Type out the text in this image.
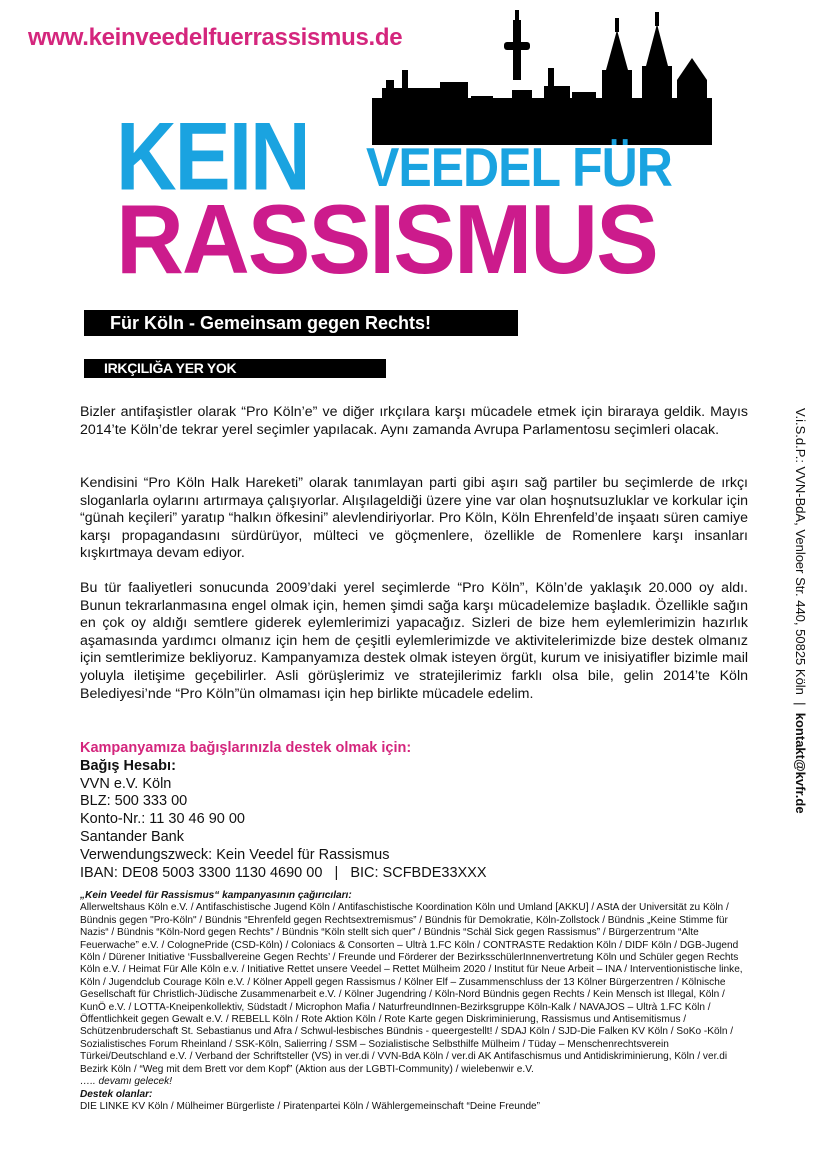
www.keinveedelfuerrassismus.de
KEIN VEEDEL FÜR
RASSISMUS
Für Köln - Gemeinsam gegen Rechts!
IRKÇILIĞA YER YOK

Bizler antifaşistler olarak “Pro Köln’e” ve diğer ırkçılara karşı mücadele etmek için biraraya geldik. Mayıs 2014’te Köln’de tekrar yerel seçimler yapılacak. Aynı zamanda Avrupa Parlamentosu seçimleri olacak.

Kendisini “Pro Köln Halk Hareketi” olarak tanımlayan parti gibi aşırı sağ partiler bu seçimlerde de ırkçı sloganlarla oylarını artırmaya çalışıyorlar. Alışılageldiği üzere yine var olan hoşnutsuzluklar ve korkular için “günah keçileri” yaratıp “halkın öfkesini” alevlendiriyorlar. Pro Köln, Köln Ehrenfeld’de inşaatı süren camiye karşı propagandasını sürdürüyor, mülteci ve göçmenlere, özellikle de Romenlere karşı insanları kışkırtmaya devam ediyor.

Bu tür faaliyetleri sonucunda 2009’daki yerel seçimlerde “Pro Köln”, Köln’de yaklaşık 20.000 oy aldı. Bunun tekrarlanmasına engel olmak için, hemen şimdi sağa karşı mücadelemize başladık. Özellikle sağın en çok oy aldığı semtlere giderek eylemlerimizi yapacağız. Sizleri de bize hem eylemlerimizin hazırlık aşamasında yardımcı olmanız için hem de çeşitli eylemlerimizde ve aktivitelerimizde bize destek olmanız için semtlerimize bekliyoruz. Kampanyamıza destek olmak isteyen örgüt, kurum ve inisiyatifler bizimle mail yoluyla iletişime geçebilirler. Asli görüşlerimiz ve stratejilerimiz farklı olsa bile, gelin 2014’te Köln Belediyesi’nde “Pro Köln”ün olmaması için hep birlikte mücadele edelim.

Kampanyamıza bağışlarınızla destek olmak için:
Bağış Hesabı:
VVN e.V. Köln
BLZ: 500 333 00
Konto-Nr.: 11 30 46 90 00
Santander Bank
Verwendungszweck: Kein Veedel für Rassismus
IBAN: DE08 5003 3300 1130 4690 00   |   BIC: SCFBDE33XXX
„Kein Veedel für Rassismus“ kampanyasının çağırıcıları:
Allerweltshaus Köln e.V. / Antifaschistische Jugend Köln / Antifaschistische Koordination Köln und Umland [AKKU] / AStA der Universität zu Köln / Bündnis gegen "Pro-Köln" / Bündnis “Ehrenfeld gegen Rechtsextremismus” / Bündnis für Demokratie, Köln-Zollstock / Bündnis „Keine Stimme für Nazis“ / Bündnis “Köln-Nord gegen Rechts” / Bündnis “Köln stellt sich quer” / Bündnis “Schäl Sick gegen Rassismus” / Bürgerzentrum “Alte Feuerwache” e.V. / ColognePride (CSD-Köln) / Coloniacs & Consorten – Ultrà 1.FC Köln / CONTRASTE Redaktion Köln / DIDF Köln / DGB-Jugend Köln / Dürener Initiative ‘Fussballvereine Gegen Rechts’ / Freunde und Förderer der BezirksschülerInnenvertretung Köln und Schüler gegen Rechts Köln e.V. / Heimat Für Alle Köln e.v. / Initiative Rettet unsere Veedel – Rettet Mülheim 2020 / Institut für Neue Arbeit – INA / Interventionistische linke, Köln / Jugendclub Courage Köln e.V. / Kölner Appell gegen Rassismus / Kölner Elf – Zusammenschluss der 13 Kölner Bürgerzentren / Kölnische Gesellschaft für Christlich-Jüdische Zusammenarbeit e.V. / Kölner Jugendring / Köln-Nord Bündnis gegen Rechts / Kein Mensch ist Illegal, Köln / KunÖ e.V. / LOTTA-Kneipenkollektiv, Südstadt / Microphon Mafia / NaturfreundInnen-Bezirksgruppe Köln-Kalk / NAVAJOS – Ultrà 1.FC Köln / Öffentlichkeit gegen Gewalt e.V. / REBELL Köln / Rote Aktion Köln / Rote Karte gegen Diskriminierung, Rassismus und Antisemitismus / Schützenbruderschaft St. Sebastianus und Afra / Schwul-lesbisches Bündnis - queergestellt! / SDAJ Köln / SJD-Die Falken KV Köln / SoKo -Köln / Sozialistisches Forum Rheinland / SSK-Köln, Salierring / SSM – Sozialistische Selbsthilfe Mülheim / Tüday – Menschenrechtsverein Türkei/Deutschland e.V. / Verband der Schriftsteller (VS) in ver.di / VVN-BdA Köln / ver.di AK Antifaschismus und Antidiskriminierung, Köln / ver.di Bezirk Köln / “Weg mit dem Brett vor dem Kopf” (Aktion aus der LGBTI-Community) / wielebenwir e.V.
….. devamı gelecek!
Destek olanlar:
DIE LINKE KV Köln / Mülheimer Bürgerliste / Piratenpartei Köln / Wählergemeinschaft “Deine Freunde”
V.i.S.d.P.: VVN-BdA, Venloer Str. 440, 50825 Köln  |  kontakt@kvfr.de
